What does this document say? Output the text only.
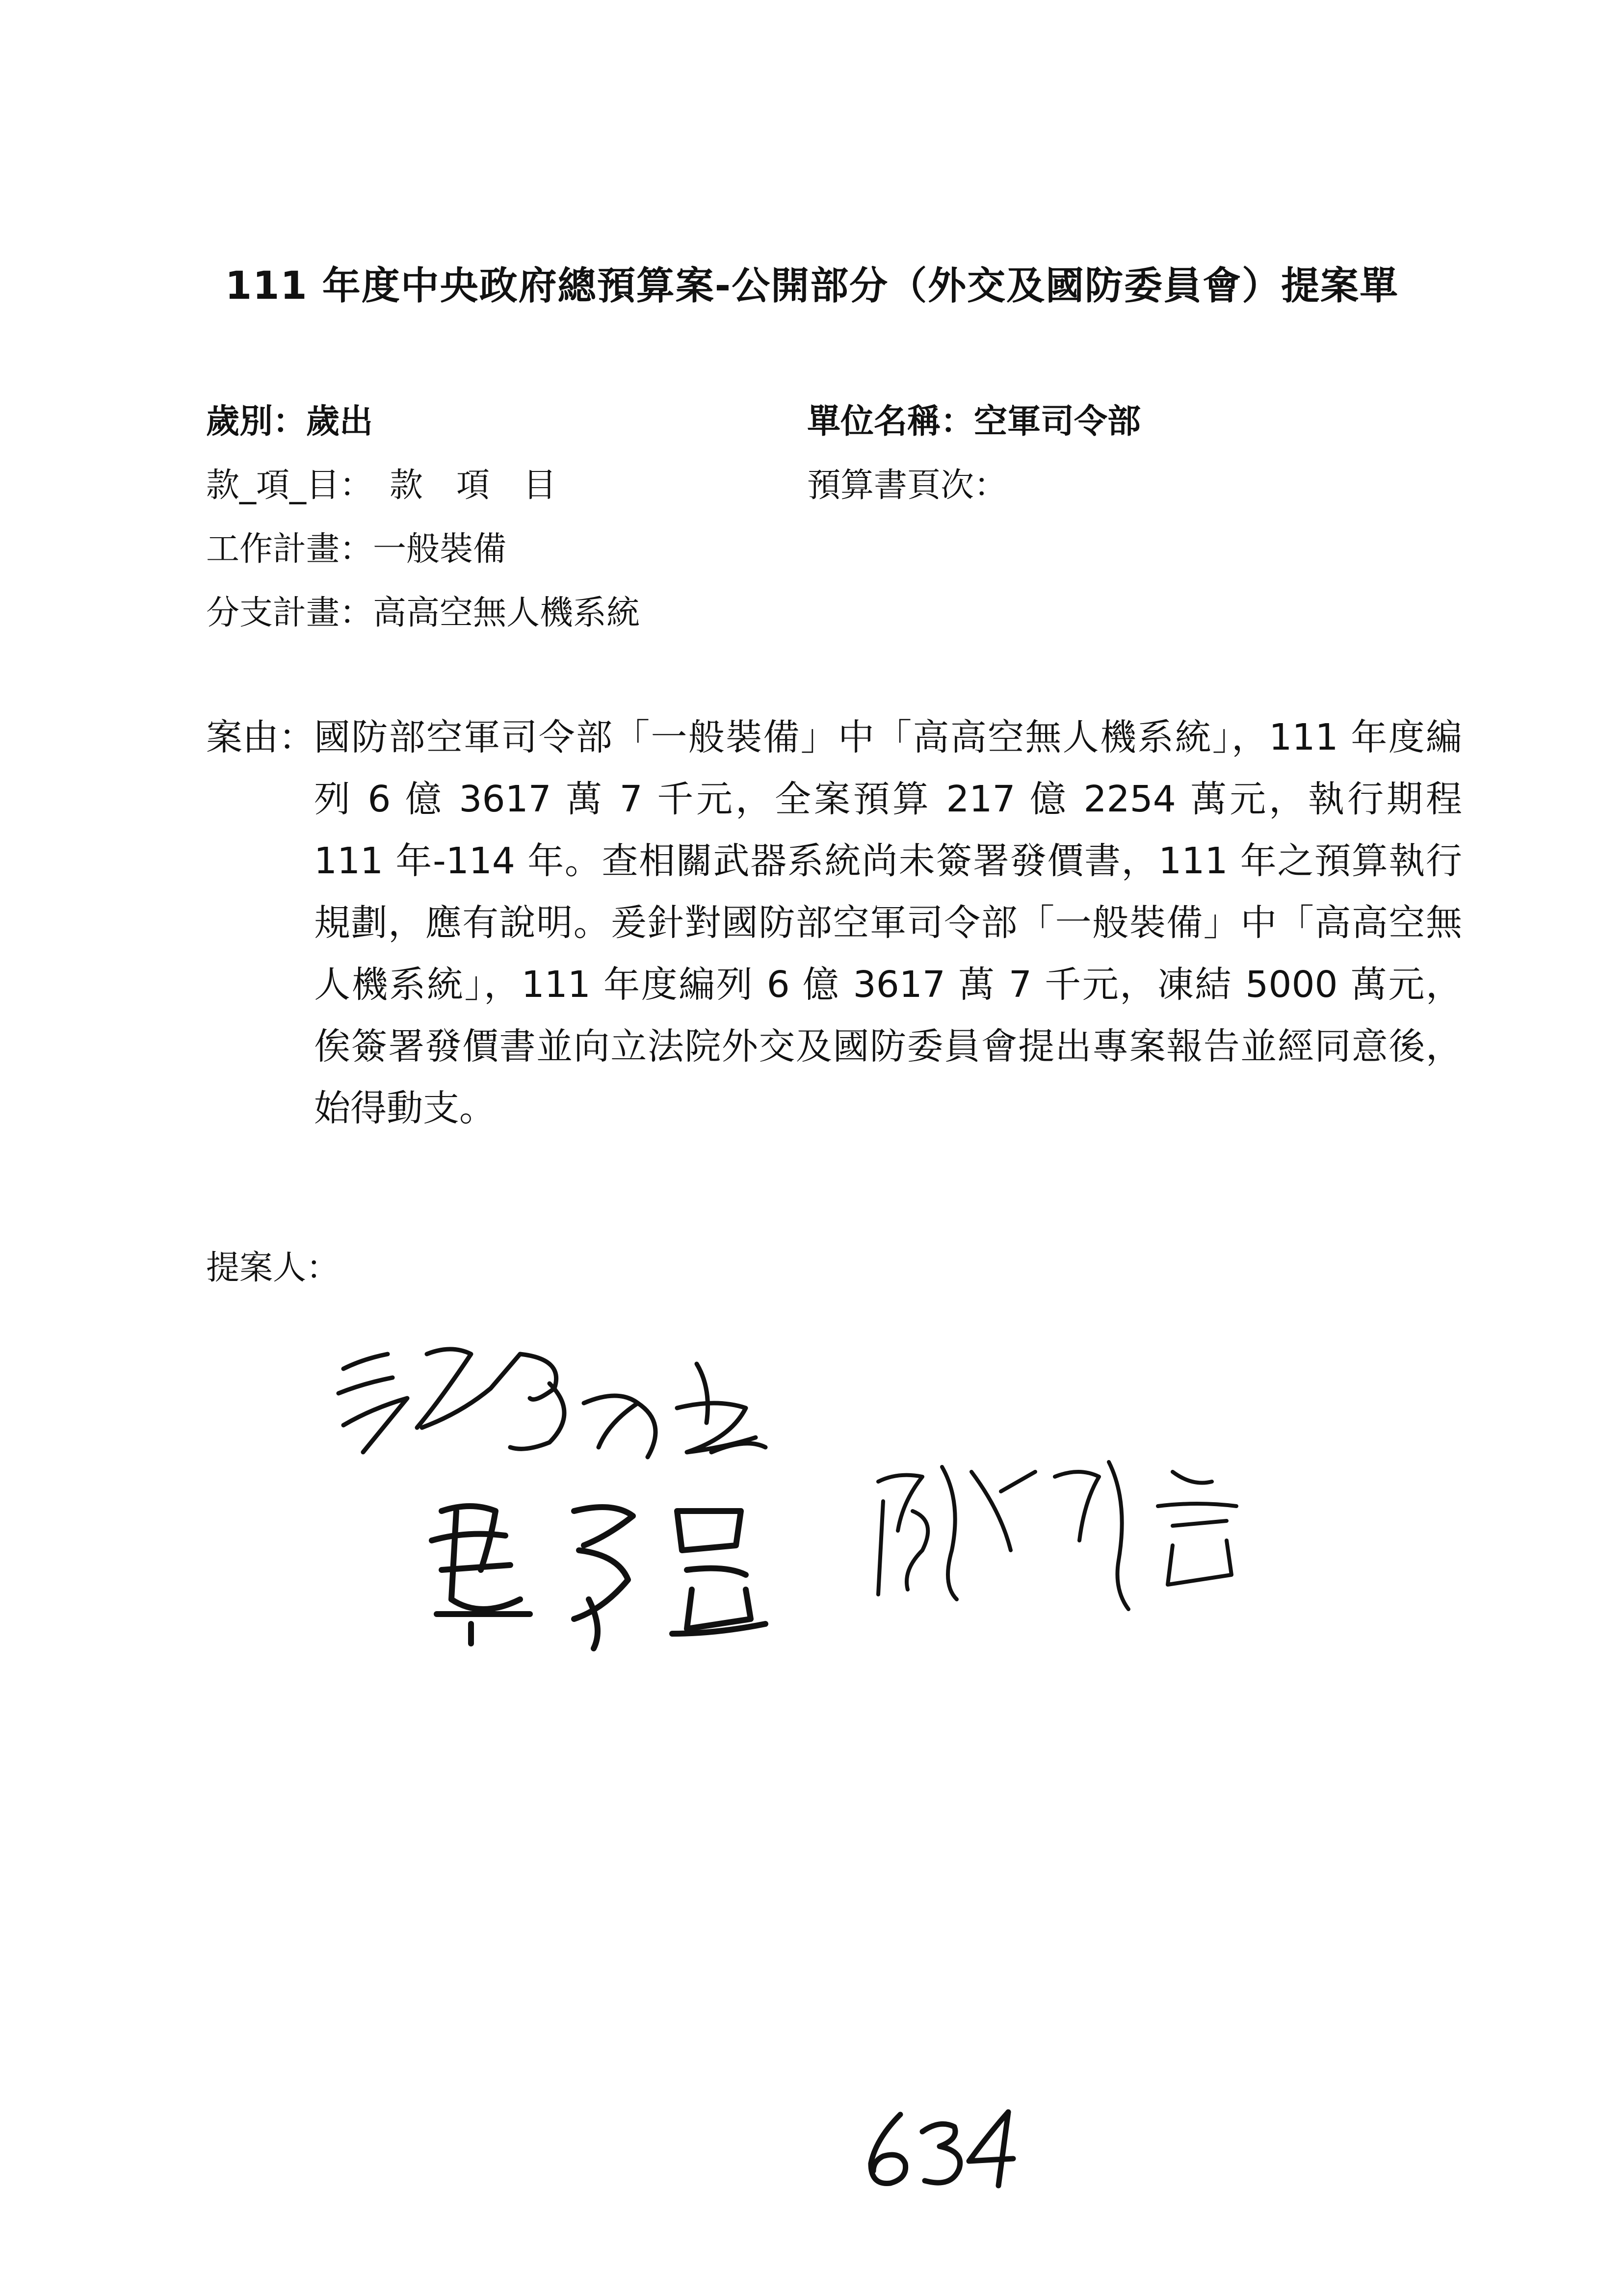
111 年度中央政府總預算案-公開部分（外交及國防委員會）提案單
歲別：歲出	單位名稱：空軍司令部
款_項_目：　款　項　目	預算書頁次：
工作計畫：一般裝備
分支計畫：高高空無人機系統
案由：
國防部空軍司令部「一般裝備」中「高高空無人機系統」，111 年度編列 6 億 3617 萬 7 千元，全案預算 217 億 2254 萬元，執行期程 111 年-114 年。查相關武器系統尚未簽署發價書，111 年之預算執行規劃，應有說明。爰針對國防部空軍司令部「一般裝備」中「高高空無人機系統」，111 年度編列 6 億 3617 萬 7 千元，凍結 5000 萬元，俟簽署發價書並向立法院外交及國防委員會提出專案報告並經同意後，始得動支。
提案人：
